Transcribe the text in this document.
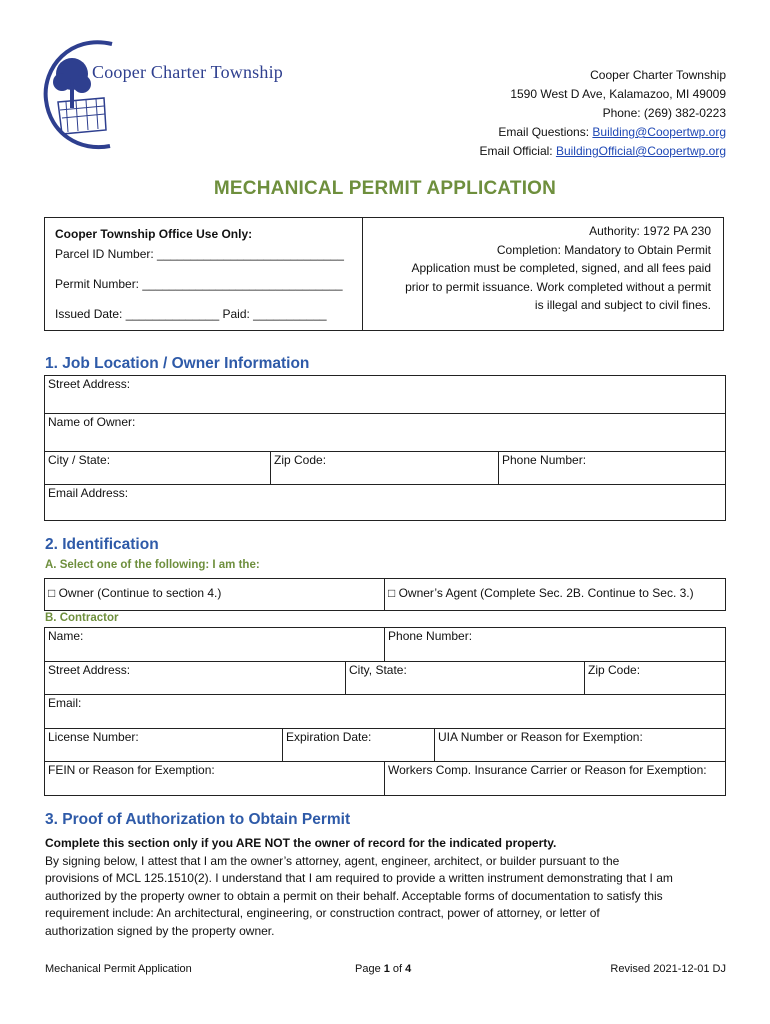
Cooper Charter Township	Cooper Charter Township
1590 West D Ave, Kalamazoo, MI 49009
Phone: (269) 382-0223
Email Questions: Building@Coopertwp.org
Email Official: BuildingOfficial@Coopertwp.org
MECHANICAL PERMIT APPLICATION
Cooper Township Office Use Only:
Parcel ID Number: ____________________________
Permit Number: ______________________________
Issued Date: ______________ Paid: ___________
Authority: 1972 PA 230
Completion: Mandatory to Obtain Permit
Application must be completed, signed, and all fees paid
prior to permit issuance. Work completed without a permit
is illegal and subject to civil fines.
1. Job Location / Owner Information
Street Address:
Name of Owner:
City / State:	Zip Code:	Phone Number:
Email Address:
2. Identification
A. Select one of the following: I am the:
□ Owner (Continue to section 4.)	□ Owner’s Agent (Complete Sec. 2B. Continue to Sec. 3.)
B. Contractor
Name:			Phone Number:		
Street Address:		City, State:			Zip Code:
Email:					
License Number:	Expiration Date:			UIA Number or Reason for Exemption:	
FEIN or Reason for Exemption:			Workers Comp. Insurance Carrier or Reason for Exemption:		
3. Proof of Authorization to Obtain Permit
Complete this section only if you ARE NOT the owner of record for the indicated property.
By signing below, I attest that I am the owner’s attorney, agent, engineer, architect, or builder pursuant to the
provisions of MCL 125.1510(2). I understand that I am required to provide a written instrument demonstrating that I am
authorized by the property owner to obtain a permit on their behalf. Acceptable forms of documentation to satisfy this
requirement include: An architectural, engineering, or construction contract, power of attorney, or letter of
authorization signed by the property owner.
Mechanical Permit Application	Page 1 of 4	Revised 2021-12-01 DJ
